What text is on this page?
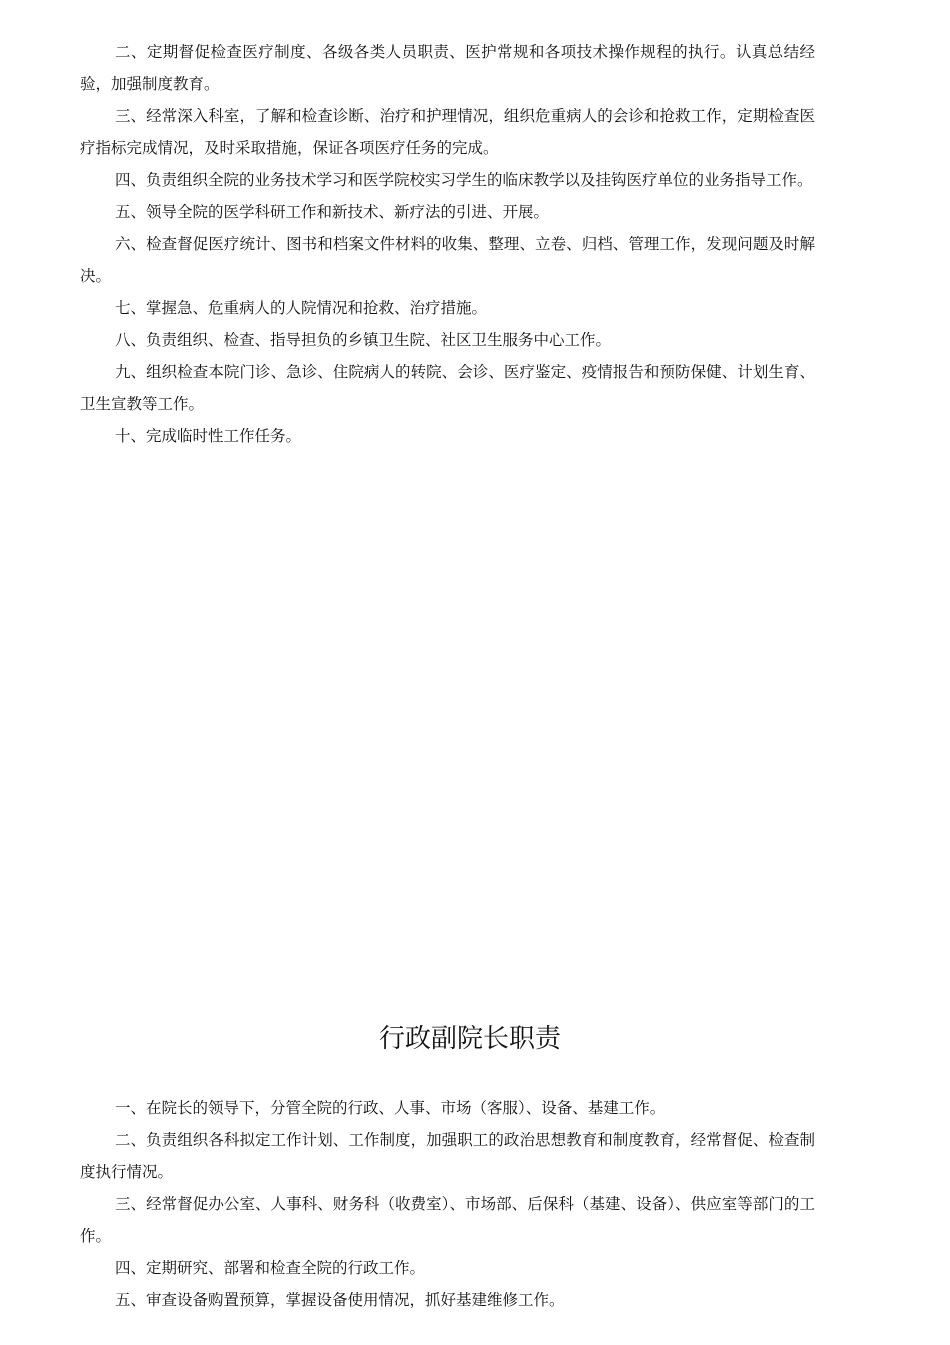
二、定期督促检查医疗制度、各级各类人员职责、医护常规和各项技术操作规程的执行。认真总结经验，加强制度教育。

三、经常深入科室，了解和检查诊断、治疗和护理情况，组织危重病人的会诊和抢救工作，定期检查医疗指标完成情况，及时采取措施，保证各项医疗任务的完成。

四、负责组织全院的业务技术学习和医学院校实习学生的临床教学以及挂钩医疗单位的业务指导工作。

五、领导全院的医学科研工作和新技术、新疗法的引进、开展。

六、检查督促医疗统计、图书和档案文件材料的收集、整理、立卷、归档、管理工作，发现问题及时解决。

七、掌握急、危重病人的人院情况和抢救、治疗措施。

八、负责组织、检查、指导担负的乡镇卫生院、社区卫生服务中心工作。

九、组织检查本院门诊、急诊、住院病人的转院、会诊、医疗鉴定、疫情报告和预防保健、计划生育、卫生宣教等工作。

十、完成临时性工作任务。

行政副院长职责

一、在院长的领导下，分管全院的行政、人事、市场（客服）、设备、基建工作。

二、负责组织各科拟定工作计划、工作制度，加强职工的政治思想教育和制度教育，经常督促、检查制度执行情况。

三、经常督促办公室、人事科、财务科（收费室）、市场部、后保科（基建、设备）、供应室等部门的工作。

四、定期研究、部署和检查全院的行政工作。

五、审查设备购置预算，掌握设备使用情况，抓好基建维修工作。
